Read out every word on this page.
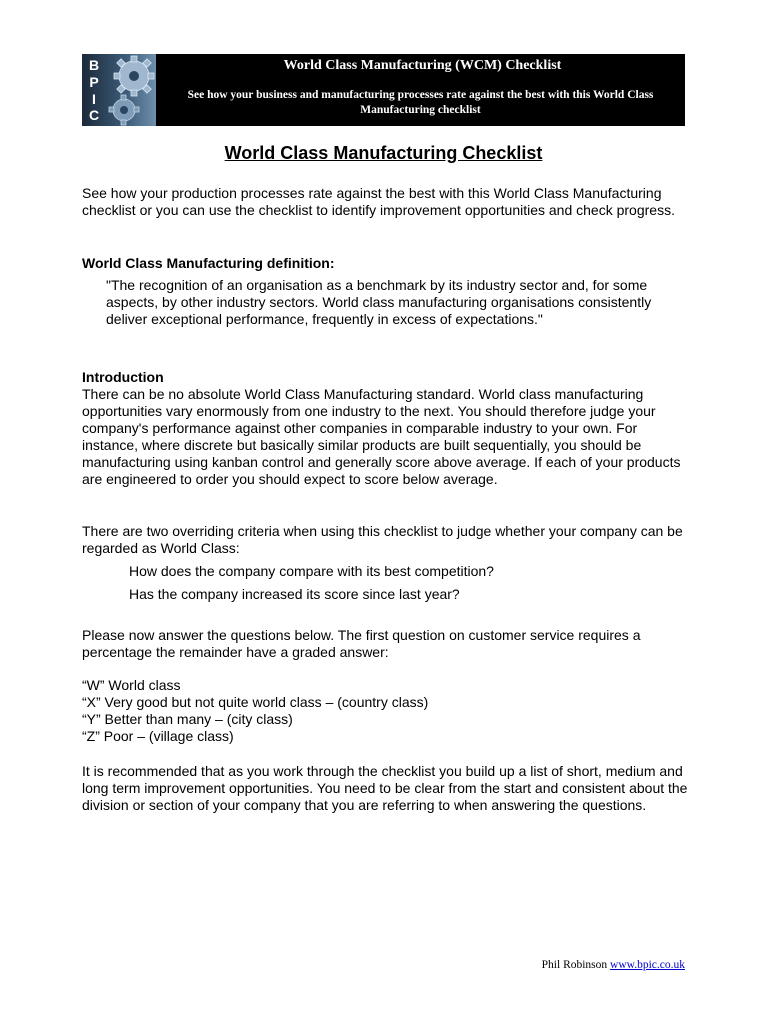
B
P
I
C
World Class Manufacturing (WCM) Checklist
See how your business and manufacturing processes rate against the best with this World Class Manufacturing checklist
World Class Manufacturing Checklist

See how your production processes rate against the best with this World Class Manufacturing checklist or you can use the checklist to identify improvement opportunities and check progress.

World Class Manufacturing definition:

"The recognition of an organisation as a benchmark by its industry sector and, for some aspects, by other industry sectors. World class manufacturing organisations consistently deliver exceptional performance, frequently in excess of expectations."

Introduction

There can be no absolute World Class Manufacturing standard. World class manufacturing opportunities vary enormously from one industry to the next. You should therefore judge your company's performance against other companies in comparable industry to your own. For instance, where discrete but basically similar products are built sequentially, you should be manufacturing using kanban control and generally score above average. If each of your products are engineered to order you should expect to score below average.

There are two overriding criteria when using this checklist to judge whether your company can be regarded as World Class:

How does the company compare with its best competition?

Has the company increased its score since last year?

Please now answer the questions below. The first question on customer service requires a percentage the remainder have a graded answer:

“W” World class

“X” Very good but not quite world class – (country class)

“Y” Better than many – (city class)

“Z” Poor – (village class)

It is recommended that as you work through the checklist you build up a list of short, medium and long term improvement opportunities. You need to be clear from the start and consistent about the division or section of your company that you are referring to when answering the questions.

Phil Robinson www.bpic.co.uk
